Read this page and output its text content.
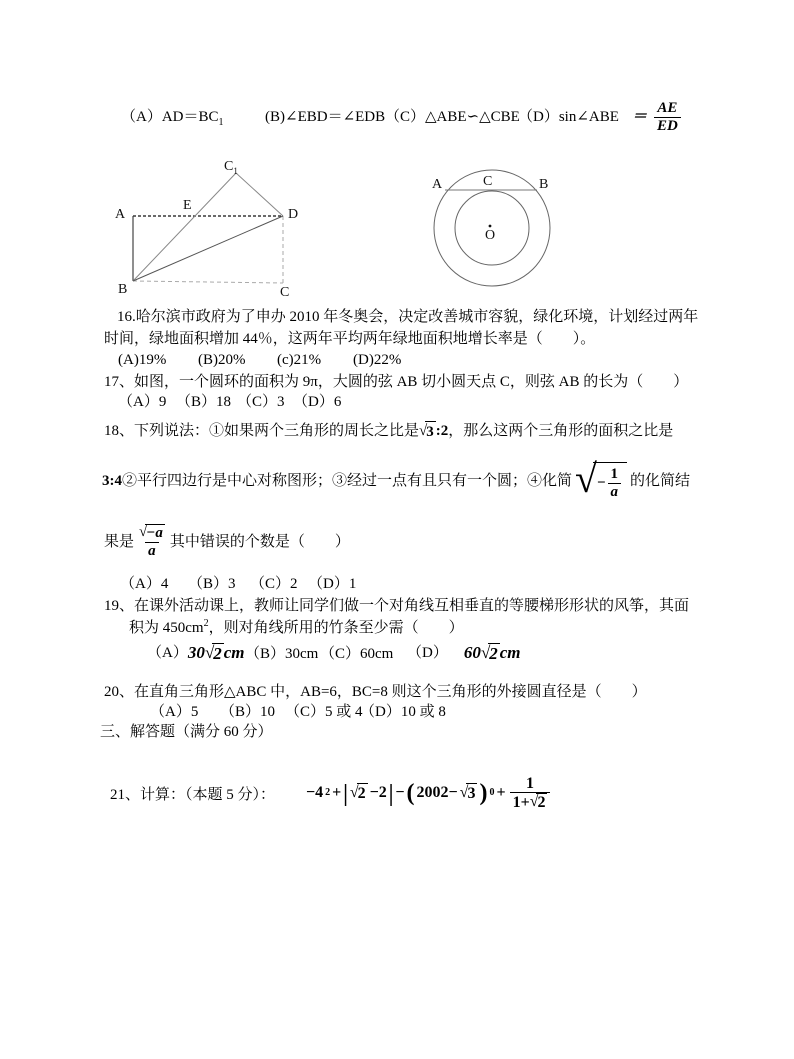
$(A)AD=BC_1$	(B)∠EBD＝∠EDB （C）△ABE∽△CBE
（D）sin∠ABE ＝ $\frac{AE}{ED}$
A
E
D
B	C
$C_1$
A	C	B
O
16.哈尔滨市政府为了申办 2010 年冬奥会，决定改善城市容貌，绿化环境，计划经过两年
时间，绿地面积增加 44％，这两年平均两年绿地面积地增长率是（　　）。
(A)19% (B)20% (c)21% (D)22%
17、如图，一个圆环的面积为 9π，大圆的弦 AB 切小圆天点 C，则弦 AB 的长为（　　）
（A）9 （B）18 （C）3 （D）6
18、下列说法：①如果两个三角形的周长之比是 √ 3 :2 ，那么这两个三角形的面积之比是
3:4 ②平行四边行是中心对称图形；③经过一点有且只有一个圆；④化简 √ − $\frac{1}{a}$ 的化简结
果是 $\frac{√ -a}{a}$ 其中错误的个数是（　　）
（A）4 （B）3 （C）2 （D）1
19、在课外活动课上，教师让同学们做一个对角线互相垂直的等腰梯形形状的风筝，其面
积为 $450cm^2$，则对角线所用的竹条至少需（　　）
（A） 30 √ 2 cm （B）30cm （C）60cm （D） 60 √ 2 cm
20、在直角三角形△ABC 中，AB=6，BC=8 则这个三角形的外接圆直径是（　　）
（A）5 （B）10 （C）5 或 4
（D）10 或 8
三、解答题（满分 60 分）
21、计算：（本题 5 分）： −4 2 + | √ 2 −2 | − ( 2002− √ 3 ) $0 + \frac{1}{1+ √ 2}$
